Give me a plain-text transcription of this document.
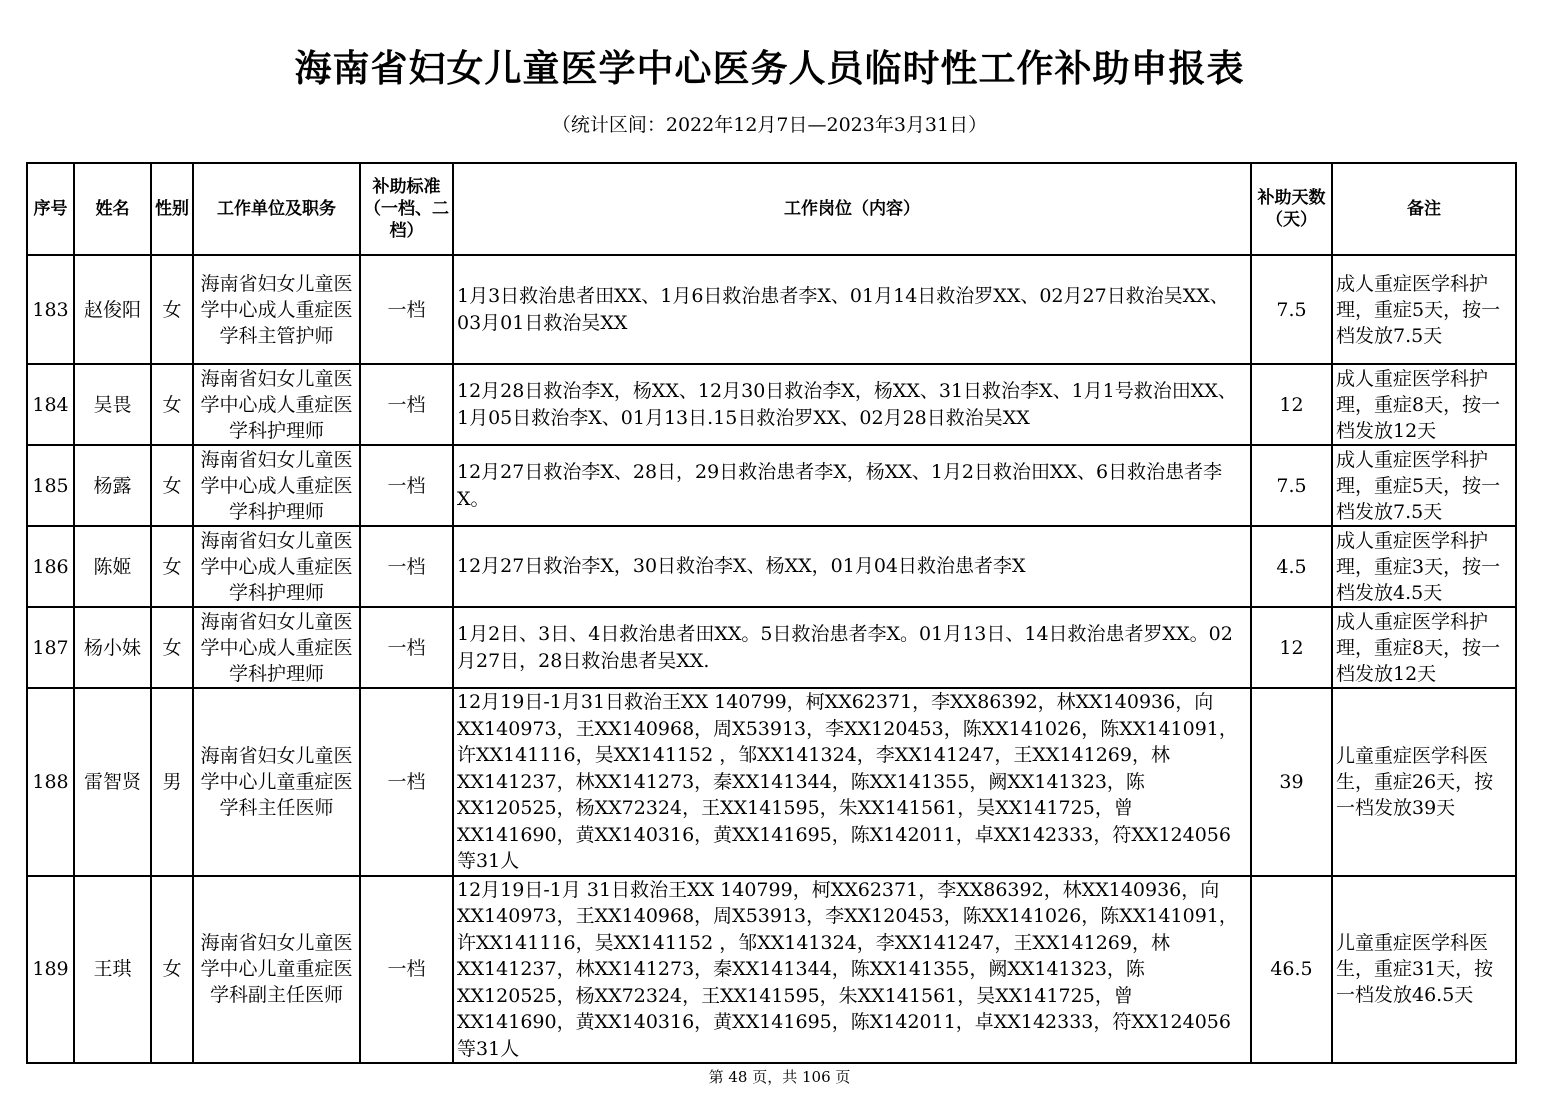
海南省妇女儿童医学中心医务人员临时性工作补助申报表
（统计区间：2022年12月7日—2023年3月31日）
序号	姓名	性别	工作单位及职务	补助标准（一档、二档）	工作岗位（内容）	补助天数（天）	备注
183	赵俊阳	女	海南省妇女儿童医学中心成人重症医学科主管护师	一档	1月3日救治患者田XX、1月6日救治患者李X、01月14日救治罗XX、02月27日救治吴XX、03月01日救治吴XX	7.5	成人重症医学科护理，重症5天，按一档发放7.5天
184	吴畏	女	海南省妇女儿童医学中心成人重症医学科护理师	一档	12月28日救治李X，杨XX、12月30日救治李X，杨XX、31日救治李X、1月1号救治田XX、1月05日救治李X、01月13日.15日救治罗XX、02月28日救治吴XX	12	成人重症医学科护理，重症8天，按一档发放12天
185	杨露	女	海南省妇女儿童医学中心成人重症医学科护理师	一档	12月27日救治李X、28日，29日救治患者李X，杨XX、1月2日救治田XX、6日救治患者李X。	7.5	成人重症医学科护理，重症5天，按一档发放7.5天
186	陈姬	女	海南省妇女儿童医学中心成人重症医学科护理师	一档	12月27日救治李X，30日救治李X、杨XX，01月04日救治患者李X	4.5	成人重症医学科护理，重症3天，按一档发放4.5天
187	杨小妹	女	海南省妇女儿童医学中心成人重症医学科护理师	一档	1月2日、3日、4日救治患者田XX。5日救治患者李X。01月13日、14日救治患者罗XX。02月27日，28日救治患者吴XX.	12	成人重症医学科护理，重症8天，按一档发放12天
188	雷智贤	男	海南省妇女儿童医学中心儿童重症医学科主任医师	一档	12月19日-1月31日救治王XX 140799，柯XX62371，李XX86392，林XX140936，向XX140973，王XX140968，周X53913，李XX120453，陈XX141026，陈XX141091，许XX141116，吴XX141152 ，邹XX141324，李XX141247，王XX141269，林XX141237，林XX141273，秦XX141344，陈XX141355，阙XX141323，陈XX120525，杨XX72324，王XX141595，朱XX141561，吴XX141725，曾XX141690，黄XX140316，黄XX141695，陈X142011，卓XX142333，符XX124056等31人	39	儿童重症医学科医生，重症26天，按一档发放39天
189	王琪	女	海南省妇女儿童医学中心儿童重症医学科副主任医师	一档	12月19日-1月 31日救治王XX 140799，柯XX62371，李XX86392，林XX140936，向XX140973，王XX140968，周X53913，李XX120453，陈XX141026，陈XX141091，许XX141116，吴XX141152 ，邹XX141324，李XX141247，王XX141269，林XX141237，林XX141273，秦XX141344，陈XX141355，阙XX141323，陈XX120525，杨XX72324，王XX141595，朱XX141561，吴XX141725，曾XX141690，黄XX140316，黄XX141695，陈X142011，卓XX142333，符XX124056等31人	46.5	儿童重症医学科医生，重症31天，按一档发放46.5天
第 48 页，共 106 页
